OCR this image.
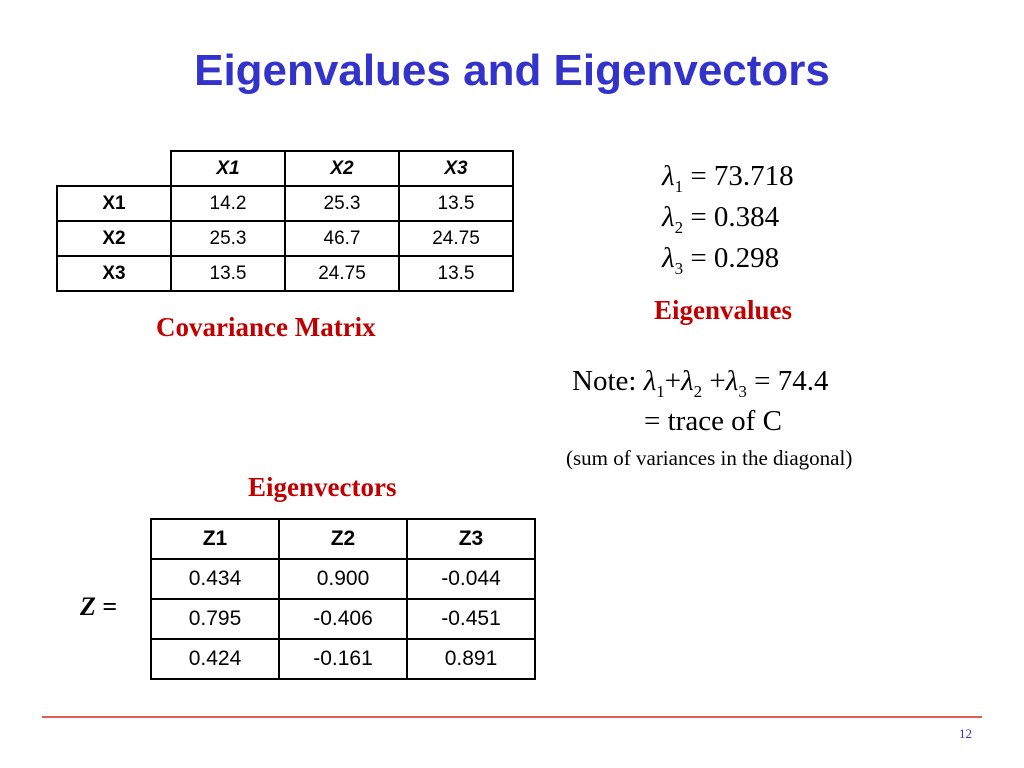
Eigenvalues and Eigenvectors
	X1	X2	X3
X1	14.2	25.3	13.5
X2	25.3	46.7	24.75
X3	13.5	24.75	13.5
Covariance Matrix
$\lambda_1 = 73.718$
$\lambda_2 = 0.384$
$\lambda_3 = 0.298$
Eigenvalues
Note: $\lambda_1+\lambda_2 +\lambda_3 = 74.4$
= trace of C
(sum of variances in the diagonal)
Eigenvectors
Z =
Z1	Z2	Z3
0.434	0.900	-0.044
0.795	-0.406	-0.451
0.424	-0.161	0.891
12
